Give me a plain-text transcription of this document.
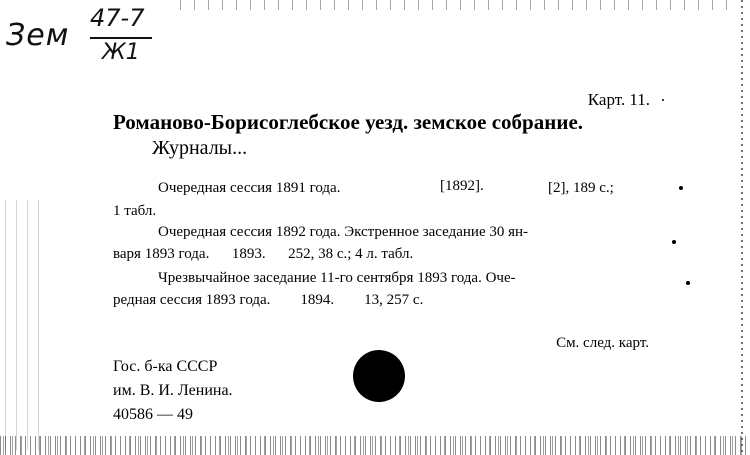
Зем 47-7
Ж1
Карт. 11.
Романово-Борисоглебское уезд. земское собрание.
Журналы...
Очередная сессия 1891 года.	[1892].	[2], 189 с.;
1 табл.
Очередная сессия 1892 года. Экстренное заседание 30 ян-
варя 1893 года.      1893.      252, 38 с.; 4 л. табл.
Чрезвычайное заседание 11-го сентября 1893 года. Оче-
редная сессия 1893 года.        1894.        13, 257 с.
См. след. карт.
Гос. б-ка СССР
им. В. И. Ленина.
40586 — 49
